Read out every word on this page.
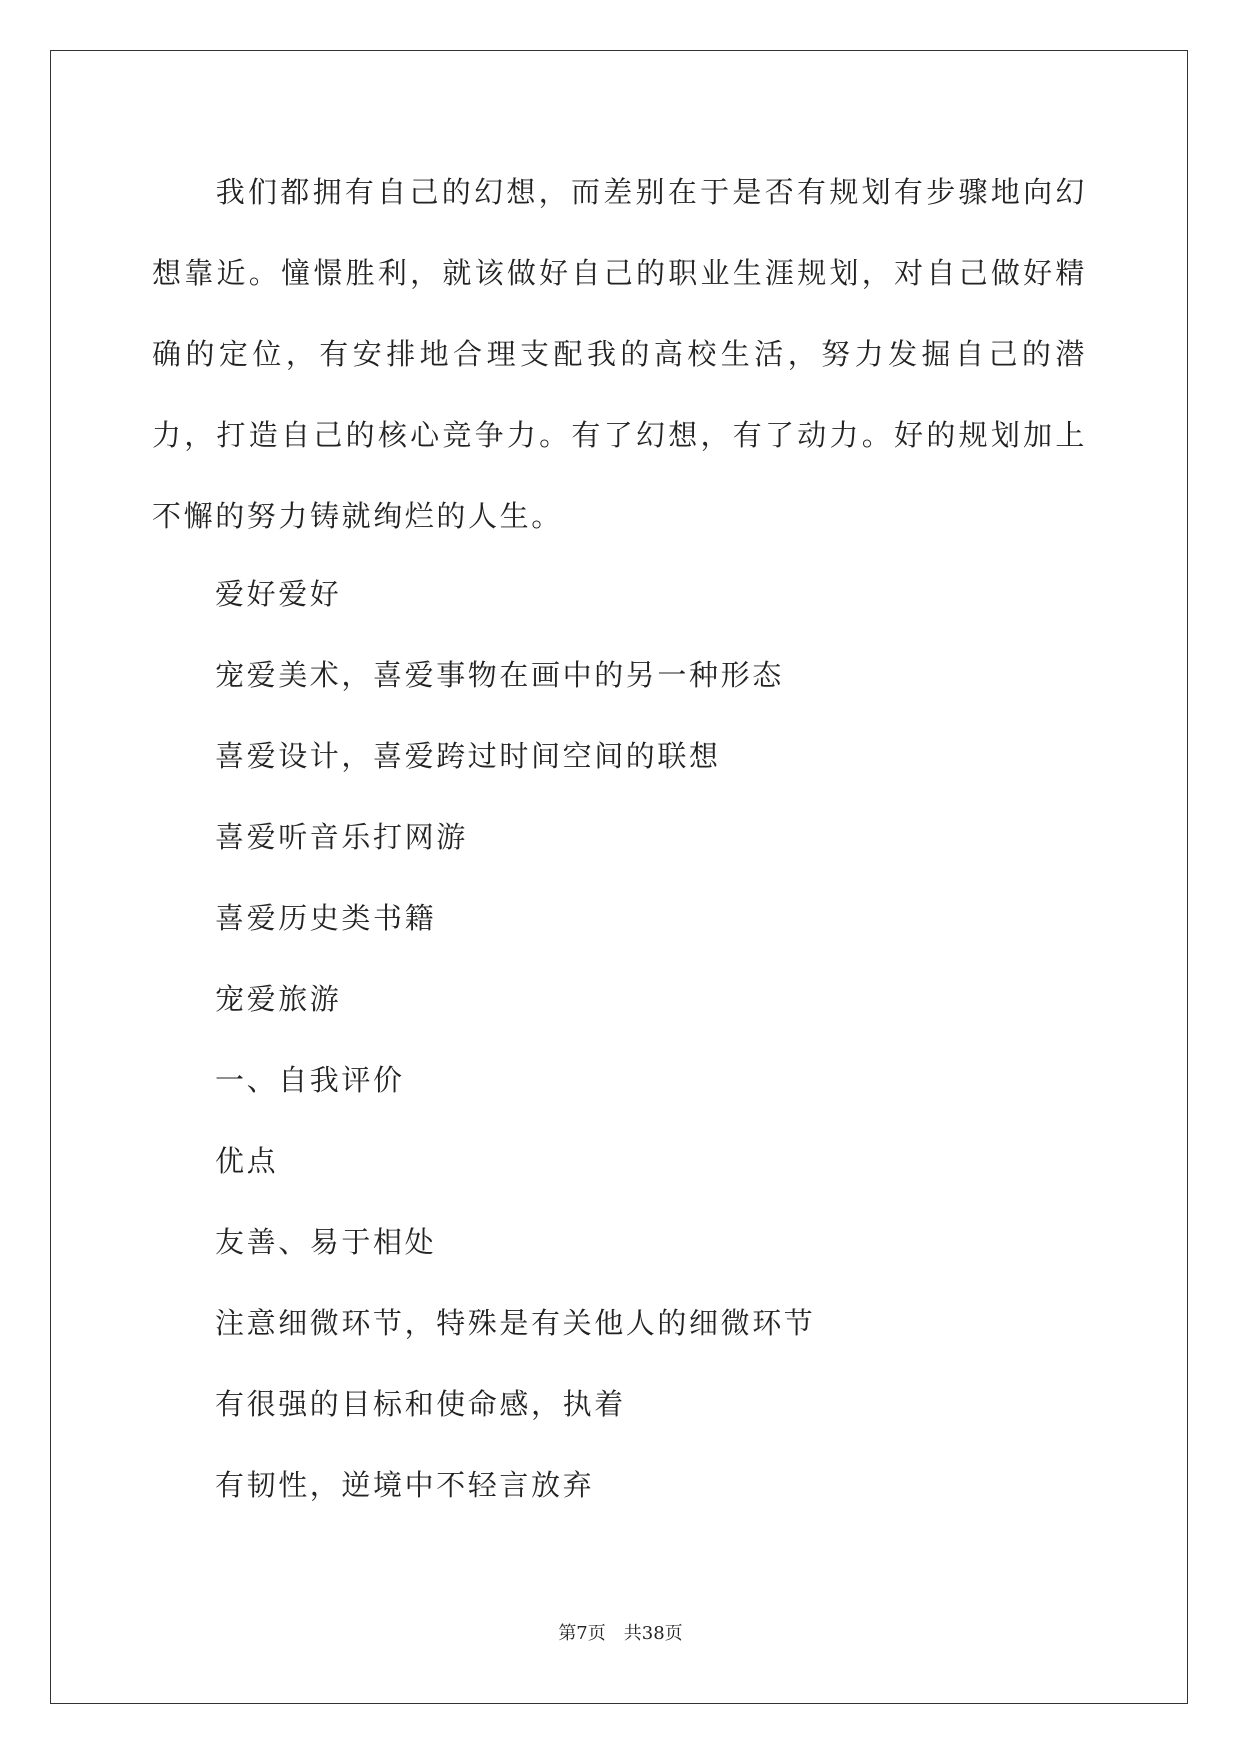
我们都拥有自己的幻想，而差别在于是否有规划有步骤地向幻想靠近。憧憬胜利，就该做好自己的职业生涯规划，对自己做好精确的定位，有安排地合理支配我的高校生活，努力发掘自己的潜力，打造自己的核心竞争力。有了幻想，有了动力。好的规划加上不懈的努力铸就绚烂的人生。

爱好爱好

宠爱美术，喜爱事物在画中的另一种形态

喜爱设计，喜爱跨过时间空间的联想

喜爱听音乐打网游

喜爱历史类书籍

宠爱旅游

一、自我评价

优点

友善、易于相处

注意细微环节，特殊是有关他人的细微环节

有很强的目标和使命感，执着

有韧性，逆境中不轻言放弃

第7页　共38页
